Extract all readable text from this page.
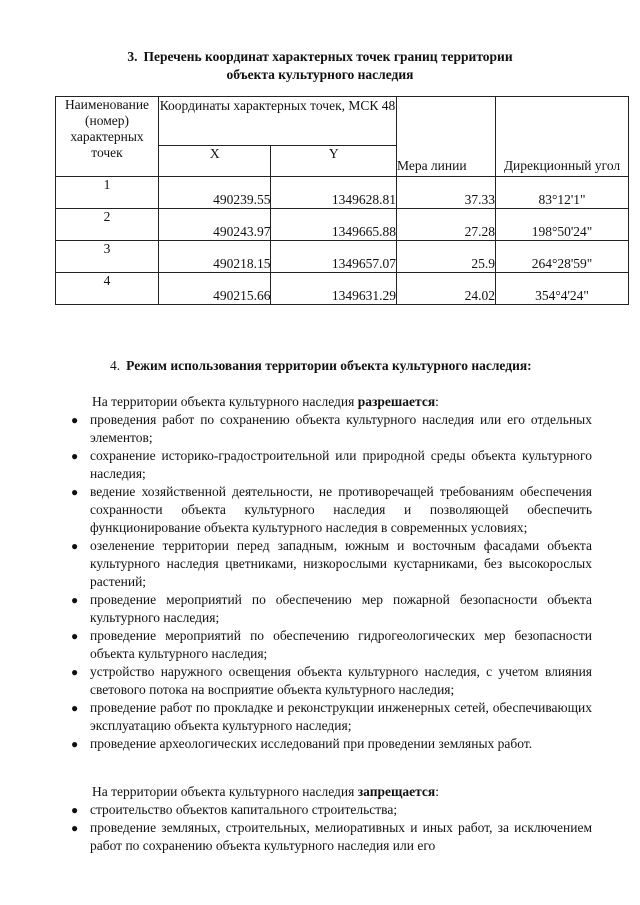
3. Перечень координат характерных точек границ территории
объекта культурного наследия
Наименование (номер) характерных точек	Координаты характерных точек, МСК 48		Мера линии	Дирекционный угол
	X	Y		
1	490239.55	1349628.81	37.33	83°12'1"
2	490243.97	1349665.88	27.28	198°50'24"
3	490218.15	1349657.07	25.9	264°28'59"
4	490215.66	1349631.29	24.02	354°4'24"
4. Режим использования территории объекта культурного наследия:
На территории объекта культурного наследия разрешается:
● проведения работ по сохранению объекта культурного наследия или его отдельных элементов;
● сохранение историко-градостроительной или природной среды объекта культурного наследия;
● ведение хозяйственной деятельности, не противоречащей требованиям обеспечения сохранности объекта культурного наследия и позволяющей обеспечить функционирование объекта культурного наследия в современных условиях;
● озеленение территории перед западным, южным и восточным фасадами объекта культурного наследия цветниками, низкорослыми кустарниками, без высокорослых растений;
● проведение мероприятий по обеспечению мер пожарной безопасности объекта культурного наследия;
● проведение мероприятий по обеспечению гидрогеологических мер безопасности объекта культурного наследия;
● устройство наружного освещения объекта культурного наследия, с учетом влияния светового потока на восприятие объекта культурного наследия;
● проведение работ по прокладке и реконструкции инженерных сетей, обеспечивающих эксплуатацию объекта культурного наследия;
● проведение археологических исследований при проведении земляных работ.
На территории объекта культурного наследия запрещается:
● строительство объектов капитального строительства;
● проведение земляных, строительных, мелиоративных и иных работ, за исключением работ по сохранению объекта культурного наследия или его
